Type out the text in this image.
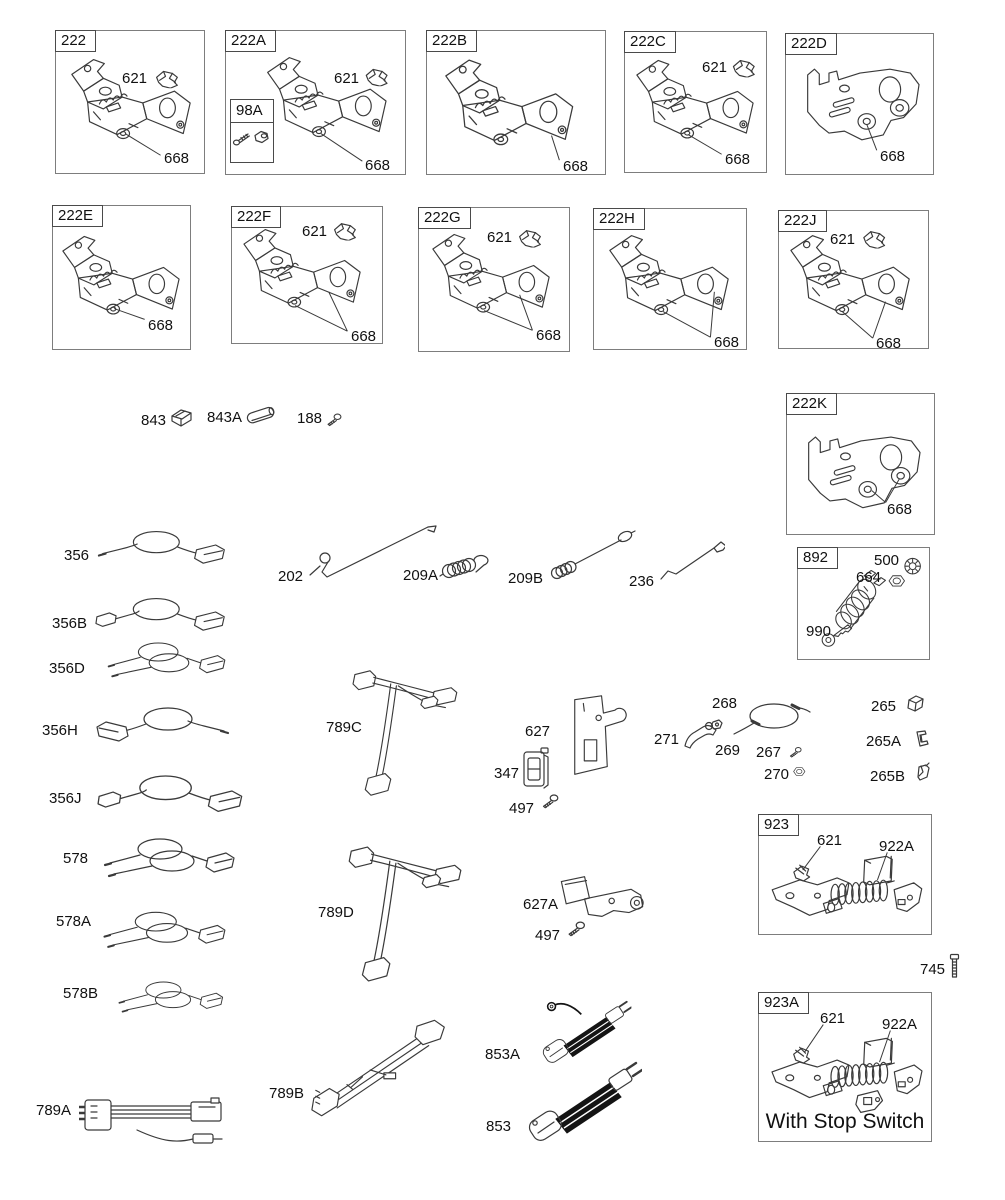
222
621
668
222A
98A
621
668
222B
668
222C
621
668
222D
668
222E
668
222F
621
668
222G
621
668
222H
668
222J
621
668
222K
668
892	500
664
990
923
621 922A
923A
621 922A
With Stop Switch
843	843A	188
356
356B
356D
356H
356J
578
578A
578B
789A
202	209A	209B	236
789C	627
347
497
268
271
269 267
270
265
265A
265B
789D	627A
497
745
789B
853A
853
